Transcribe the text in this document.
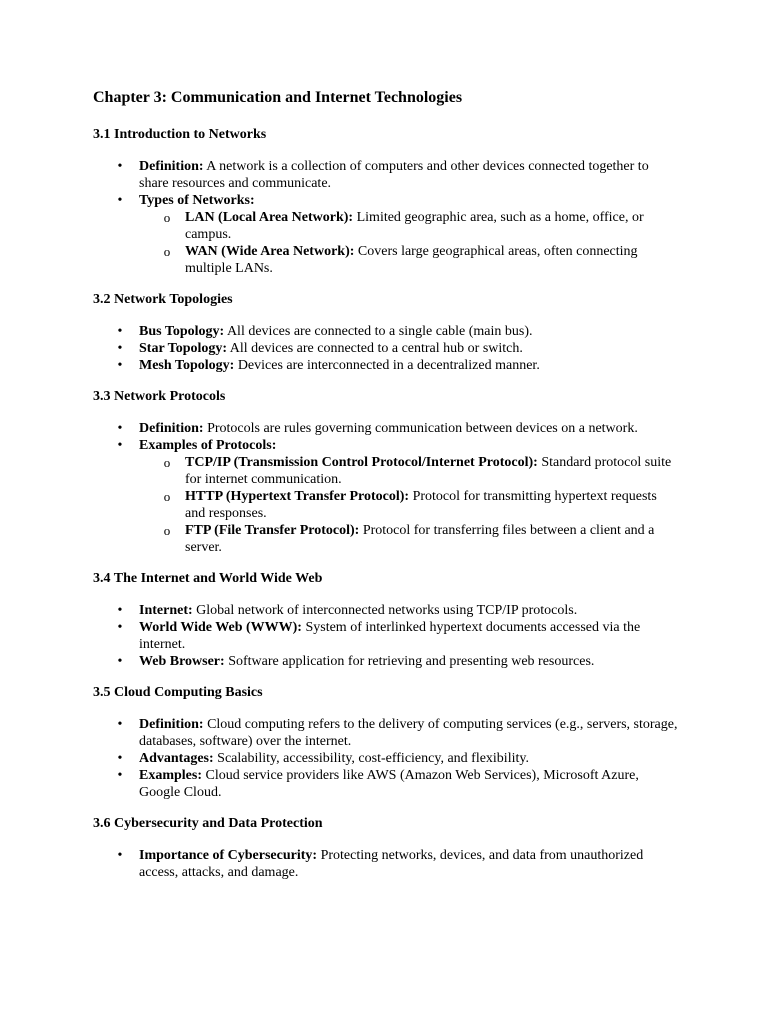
Chapter 3: Communication and Internet Technologies
3.1 Introduction to Networks
• Definition: A network is a collection of computers and other devices connected together to share resources and communicate.
• Types of Networks:
o LAN (Local Area Network): Limited geographic area, such as a home, office, or campus.
o WAN (Wide Area Network): Covers large geographical areas, often connecting multiple LANs.
3.2 Network Topologies
• Bus Topology: All devices are connected to a single cable (main bus).
• Star Topology: All devices are connected to a central hub or switch.
• Mesh Topology: Devices are interconnected in a decentralized manner.
3.3 Network Protocols
• Definition: Protocols are rules governing communication between devices on a network.
• Examples of Protocols:
o TCP/IP (Transmission Control Protocol/Internet Protocol): Standard protocol suite for internet communication.
o HTTP (Hypertext Transfer Protocol): Protocol for transmitting hypertext requests and responses.
o FTP (File Transfer Protocol): Protocol for transferring files between a client and a server.
3.4 The Internet and World Wide Web
• Internet: Global network of interconnected networks using TCP/IP protocols.
• World Wide Web (WWW): System of interlinked hypertext documents accessed via the internet.
• Web Browser: Software application for retrieving and presenting web resources.
3.5 Cloud Computing Basics
• Definition: Cloud computing refers to the delivery of computing services (e.g., servers, storage, databases, software) over the internet.
• Advantages: Scalability, accessibility, cost-efficiency, and flexibility.
• Examples: Cloud service providers like AWS (Amazon Web Services), Microsoft Azure, Google Cloud.
3.6 Cybersecurity and Data Protection
• Importance of Cybersecurity: Protecting networks, devices, and data from unauthorized access, attacks, and damage.
